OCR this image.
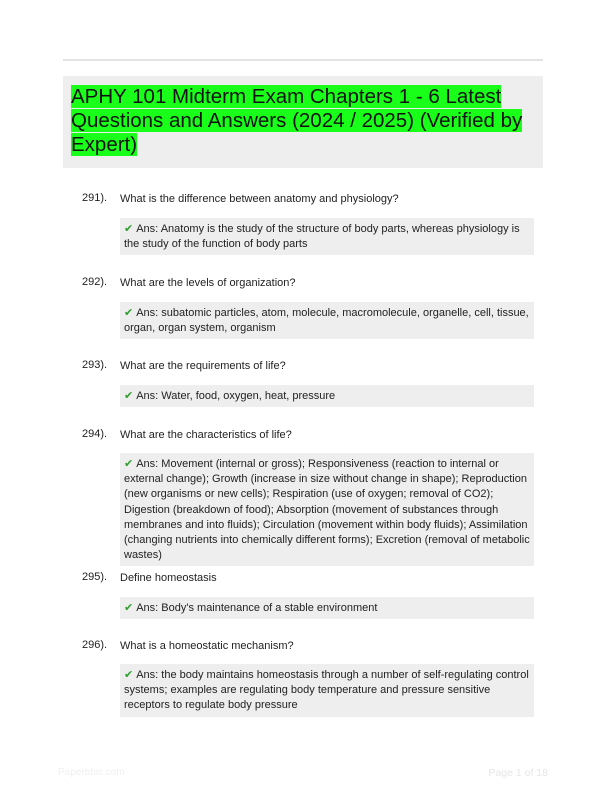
APHY 101 Midterm Exam Chapters 1 - 6 Latest Questions and Answers (2024 / 2025) (Verified by Expert)
291). What is the difference between anatomy and physiology?
✔ Ans: Anatomy is the study of the structure of body parts, whereas physiology is the study of the function of body parts
292). What are the levels of organization?
✔ Ans: subatomic particles, atom, molecule, macromolecule, organelle, cell, tissue, organ, organ system, organism
293). What are the requirements of life?
✔ Ans: Water, food, oxygen, heat, pressure
294). What are the characteristics of life?
✔ Ans: Movement (internal or gross); Responsiveness (reaction to internal or external change); Growth (increase in size without change in shape); Reproduction (new organisms or new cells); Respiration (use of oxygen; removal of CO2); Digestion (breakdown of food); Absorption (movement of substances through membranes and into fluids); Circulation (movement within body fluids); Assimilation (changing nutrients into chemically different forms); Excretion (removal of metabolic wastes)
295). Define homeostasis
✔ Ans: Body's maintenance of a stable environment
296). What is a homeostatic mechanism?
✔ Ans: the body maintains homeostasis through a number of self-regulating control systems; examples are regulating body temperature and pressure sensitive receptors to regulate body pressure
Paperbbic.com	Page 1 of 18
